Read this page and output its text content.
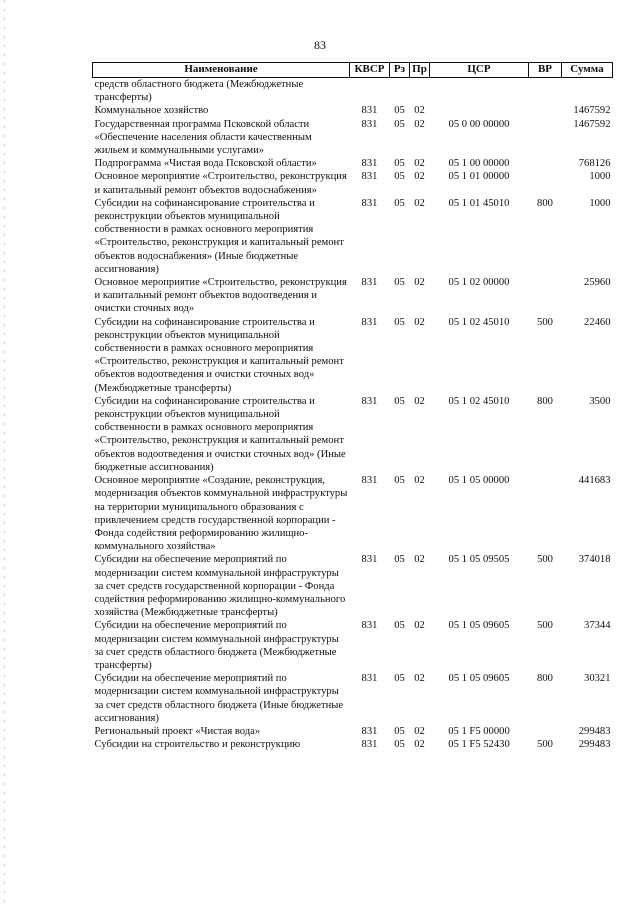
83
Наименование	КВСР	Рз	Пр	ЦСР	ВР	Сумма
средств областного бюджета (Межбюджетные трансферты)						
Коммунальное хозяйство	831	05	02			1467592
Государственная программа Псковской области «Обеспечение населения области качественным жильем и коммунальными услугами»	831	05	02	05 0 00 00000		1467592
Подпрограмма «Чистая вода Псковской области»	831	05	02	05 1 00 00000		768126
Основное мероприятие «Строительство, реконструкция и капитальный ремонт объектов водоснабжения»	831	05	02	05 1 01 00000		1000
Субсидии на софинансирование строительства и реконструкции объектов муниципальной собственности в рамках основного мероприятия «Строительство, реконструкция и капитальный ремонт объектов водоснабжения» (Иные бюджетные ассигнования)	831	05	02	05 1 01 45010	800	1000
Основное мероприятие «Строительство, реконструкция и капитальный ремонт объектов водоотведения и очистки сточных вод»	831	05	02	05 1 02 00000		25960
Субсидии на софинансирование строительства и реконструкции объектов муниципальной собственности в рамках основного мероприятия «Строительство, реконструкция и капитальный ремонт объектов водоотведения и очистки сточных вод» (Межбюджетные трансферты)	831	05	02	05 1 02 45010	500	22460
Субсидии на софинансирование строительства и реконструкции объектов муниципальной собственности в рамках основного мероприятия «Строительство, реконструкция и капитальный ремонт объектов водоотведения и очистки сточных вод» (Иные бюджетные ассигнования)	831	05	02	05 1 02 45010	800	3500
Основное мероприятие «Создание, реконструкция, модернизация объектов коммунальной инфраструктуры на территории муниципального образования с привлечением средств государственной корпорации - Фонда содействия реформированию жилищно-коммунального хозяйства»	831	05	02	05 1 05 00000		441683
Субсидии на обеспечение мероприятий по модернизации систем коммунальной инфраструктуры за счет средств государственной корпорации - Фонда содействия реформированию жилищно-коммунального хозяйства (Межбюджетные трансферты)	831	05	02	05 1 05 09505	500	374018
Субсидии на обеспечение мероприятий по модернизации систем коммунальной инфраструктуры за счет средств областного бюджета (Межбюджетные трансферты)	831	05	02	05 1 05 09605	500	37344
Субсидии на обеспечение мероприятий по модернизации систем коммунальной инфраструктуры за счет средств областного бюджета (Иные бюджетные ассигнования)	831	05	02	05 1 05 09605	800	30321
Региональный проект «Чистая вода»	831	05	02	05 1 F5 00000		299483
Субсидии на строительство и реконструкцию	831	05	02	05 1 F5 52430	500	299483
